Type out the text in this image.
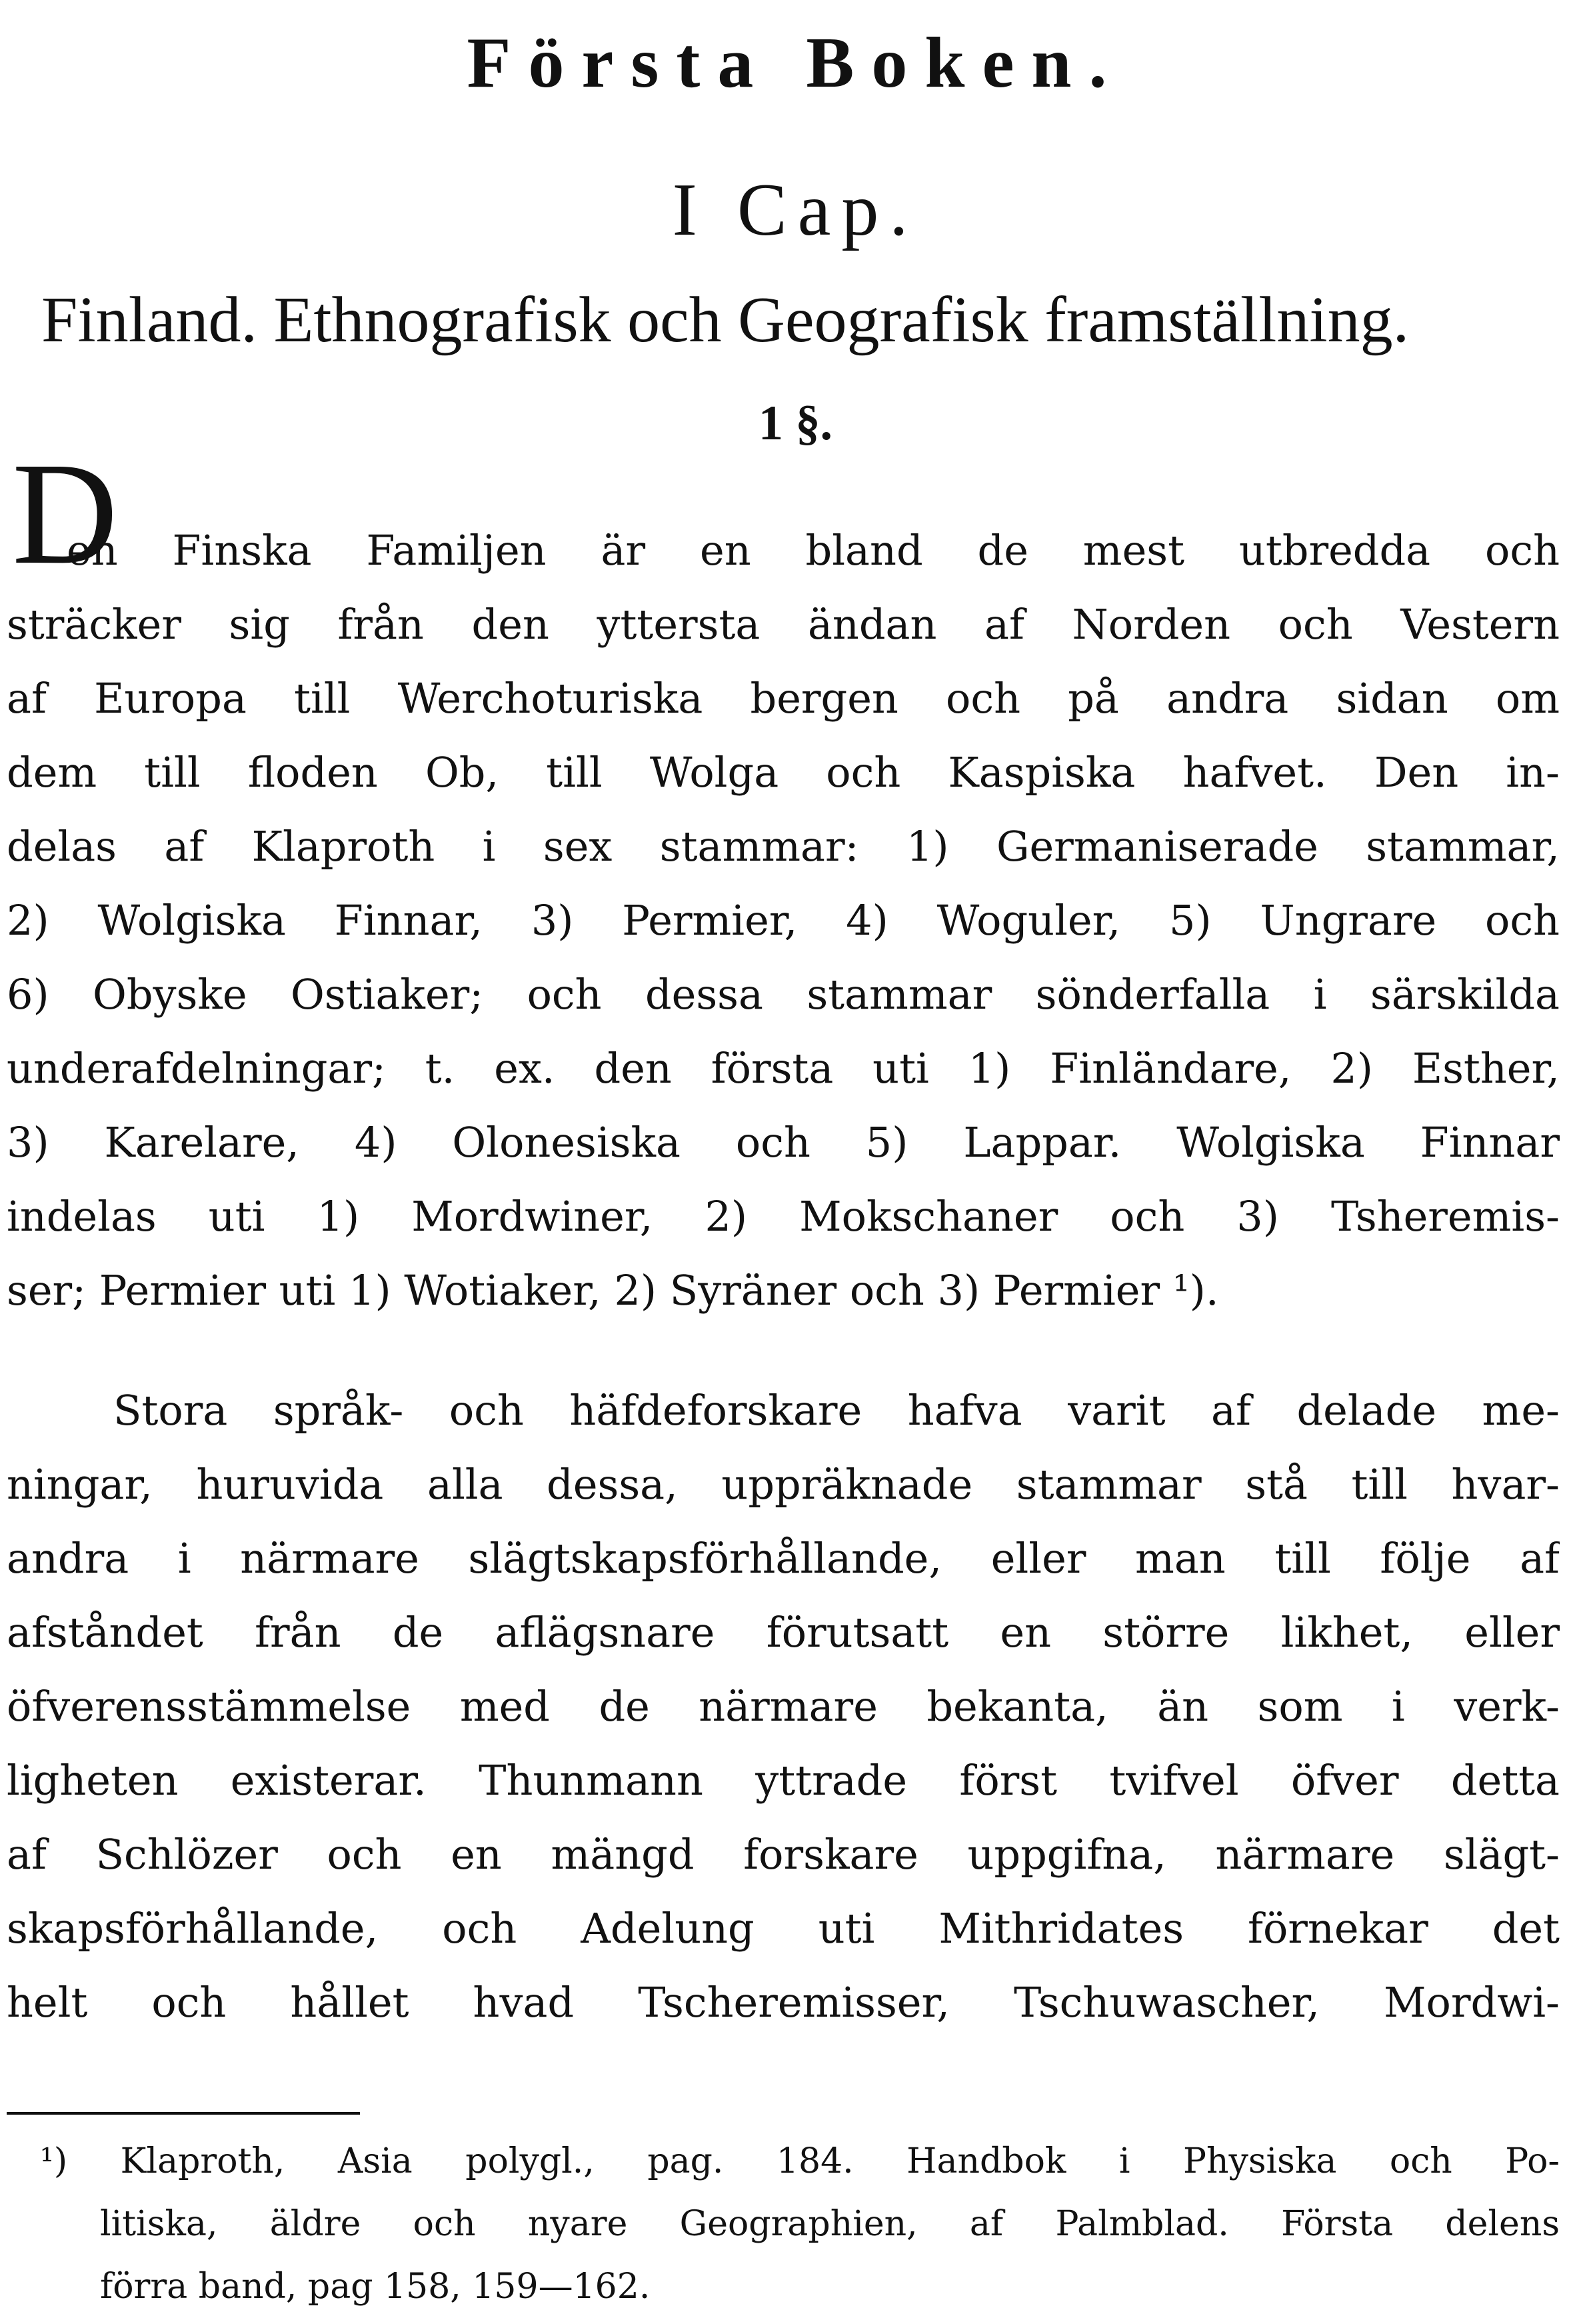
Första Boken.
I Cap.
Finland. Ethnografisk och Geografisk framställning.
1 §.
D
en Finska Familjen är en bland de mest utbredda och
sträcker sig från den yttersta ändan af Norden och Vestern
af Europa till Werchoturiska bergen och på andra sidan om
dem till floden Ob, till Wolga och Kaspiska hafvet. Den in-
delas af Klaproth i sex stammar: 1) Germaniserade stammar,
2) Wolgiska Finnar, 3) Permier, 4) Woguler, 5) Ungrare och
6) Obyske Ostiaker; och dessa stammar sönderfalla i särskilda
underafdelningar; t. ex. den första uti 1) Finländare, 2) Esther,
3) Karelare, 4) Olonesiska och 5) Lappar. Wolgiska Finnar
indelas uti 1) Mordwiner, 2) Mokschaner och 3) Tsheremis-
ser; Permier uti 1) Wotiaker, 2) Syräner och 3) Permier ¹).
Stora språk- och häfdeforskare hafva varit af delade me-
ningar, huruvida alla dessa, uppräknade stammar stå till hvar-
andra i närmare slägtskapsförhållande, eller man till följe af
afståndet från de aflägsnare förutsatt en större likhet, eller
öfverensstämmelse med de närmare bekanta, än som i verk-
ligheten existerar. Thunmann yttrade först tvifvel öfver detta
af Schlözer och en mängd forskare uppgifna, närmare slägt-
skapsförhållande, och Adelung uti Mithridates förnekar det
helt och hållet hvad Tscheremisser, Tschuwascher, Mordwi-
¹) Klaproth, Asia polygl., pag. 184. Handbok i Physiska och Po-
litiska, äldre och nyare Geographien, af Palmblad. Första delens
förra band, pag 158, 159—162.
